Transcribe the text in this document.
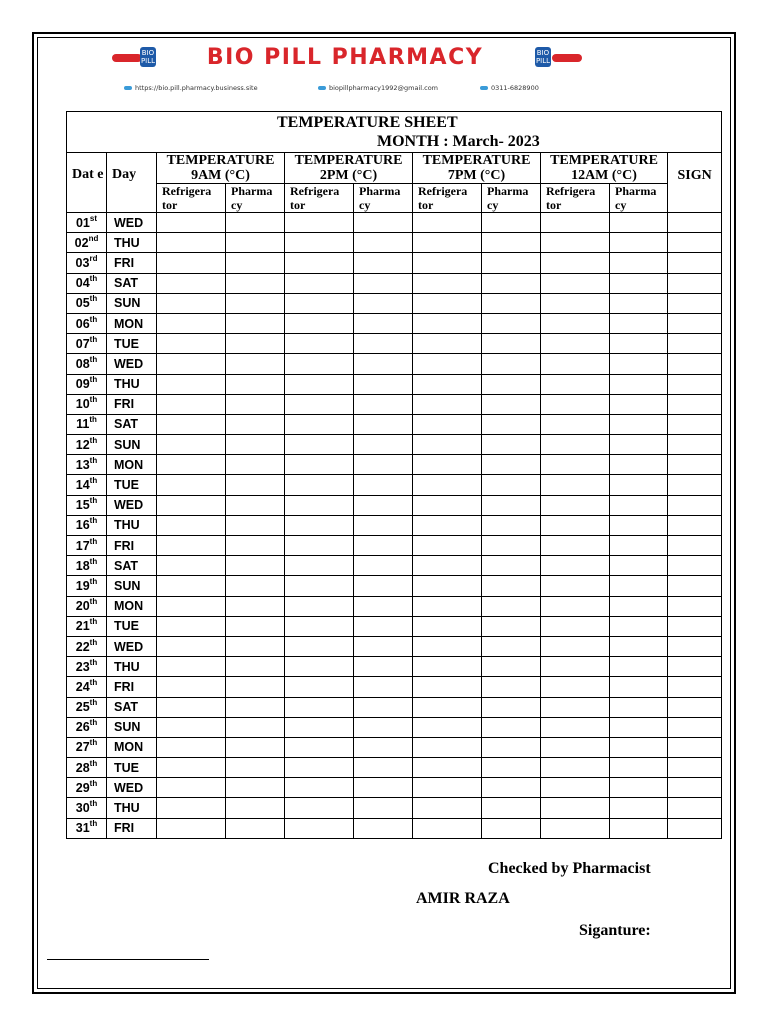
BIO PILL	BIO PILL PHARMACY	BIO PILL
https://bio.pill.pharmacy.business.site	biopillpharmacy1992@gmail.com	0311-6828900
TEMPERATURE SHEET
MONTH : March- 2023										

Dat e	Day	TEMPERATURE 9AM (°C)		TEMPERATURE 2PM (°C)		TEMPERATURE 7PM (°C)		TEMPERATURE 12AM (°C)		SIGN
		Refrigera tor	Pharma cy	Refrigera tor	Pharma cy	Refrigera tor	Pharma cy	Refrigera tor	Pharma cy	
01st	WED									
02nd	THU									
03rd	FRI									
04th	SAT									
05th	SUN									
06th	MON									
07th	TUE									
08th	WED									
09th	THU									
10th	FRI									
11th	SAT									
12th	SUN									
13th	MON									
14th	TUE									
15th	WED									
16th	THU									
17th	FRI									
18th	SAT									
19th	SUN									
20th	MON									
21th	TUE									
22th	WED									
23th	THU									
24th	FRI									
25th	SAT									
26th	SUN									
27th	MON									
28th	TUE									
29th	WED									
30th	THU									
31th	FRI									
Checked by Pharmacist
AMIR RAZA
Siganture:
